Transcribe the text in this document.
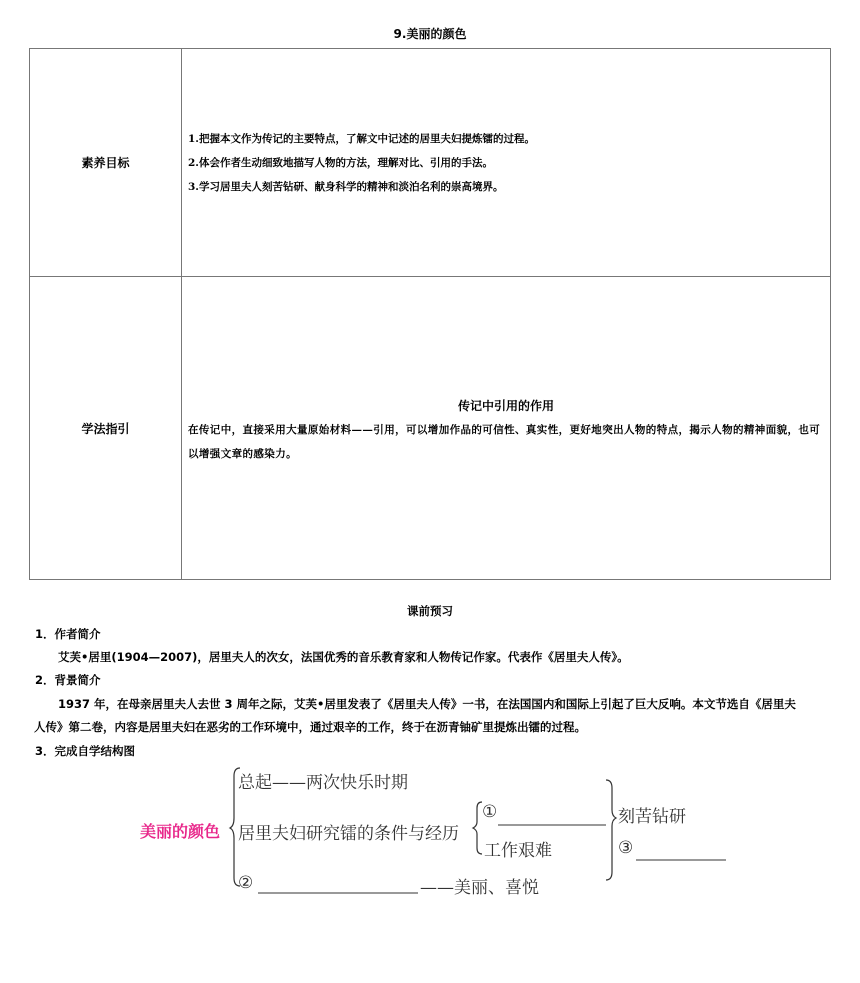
9.美丽的颜色
素养目标	1.把握本文作为传记的主要特点，了解文中记述的居里夫妇提炼镭的过程。
2.体会作者生动细致地描写人物的方法，理解对比、引用的手法。
3.学习居里夫人刻苦钻研、献身科学的精神和淡泊名利的崇高境界。

学法指引	传记中引用的作用
在传记中，直接采用大量原始材料——引用，可以增加作品的可信性、真实性，更好地突出人物的特点，揭示人物的精神面貌，也可以增强文章的感染力。
课前预习
1．作者简介
艾芙•居里(1904—2007)，居里夫人的次女，法国优秀的音乐教育家和人物传记作家。代表作《居里夫人传》。
2．背景简介
1937 年，在母亲居里夫人去世 3 周年之际，艾芙•居里发表了《居里夫人传》一书，在法国国内和国际上引起了巨大反响。本文节选自《居里夫
人传》第二卷，内容是居里夫妇在恶劣的工作环境中，通过艰辛的工作，终于在沥青铀矿里提炼出镭的过程。
3．完成自学结构图
美丽的颜色
总起——两次快乐时期
居里夫妇研究镭的条件与经历
①
工作艰难
刻苦钻研
③
②	——美丽、喜悦
